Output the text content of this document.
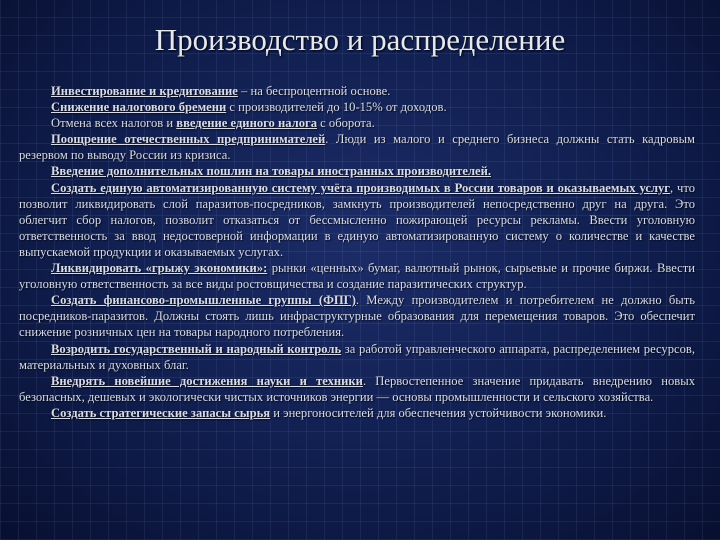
Производство и распределение

Инвестирование и кредитование – на беспроцентной основе.

Снижение налогового бремени с производителей до 10-15% от доходов.

Отмена всех налогов и введение единого налога с оборота.

Поощрение отечественных предпринимателей. Люди из малого и среднего бизнеса должны стать кадровым резервом по выводу России из кризиса.

Введение дополнительных пошлин на товары иностранных производителей.

Создать единую автоматизированную систему учёта производимых в России товаров и оказываемых услуг, что позволит ликвидировать слой паразитов-посредников, замкнуть производителей непосредственно друг на друга. Это облегчит сбор налогов, позволит отказаться от бессмысленно пожирающей ресурсы рекламы. Ввести уголовную ответственность за ввод недостоверной информации в единую автоматизированную систему о количестве и качестве выпускаемой продукции и оказываемых услугах.

Ликвидировать «грыжу экономики»: рынки «ценных» бумаг, валютный рынок, сырьевые и прочие биржи. Ввести уголовную ответственность за все виды ростовщичества и создание паразитических структур.

Создать финансово-промышленные группы (ФПГ). Между производителем и потребителем не должно быть посредников-паразитов. Должны стоять лишь инфраструктурные образования для перемещения товаров. Это обеспечит снижение розничных цен на товары народного потребления.

Возродить государственный и народный контроль за работой управленческого аппарата, распределением ресурсов, материальных и духовных благ.

Внедрять новейшие достижения науки и техники. Первостепенное значение придавать внедрению новых безопасных, дешевых и экологически чистых источников энергии — основы промышленности и сельского хозяйства.

Создать стратегические запасы сырья и энергоносителей для обеспечения устойчивости экономики.
